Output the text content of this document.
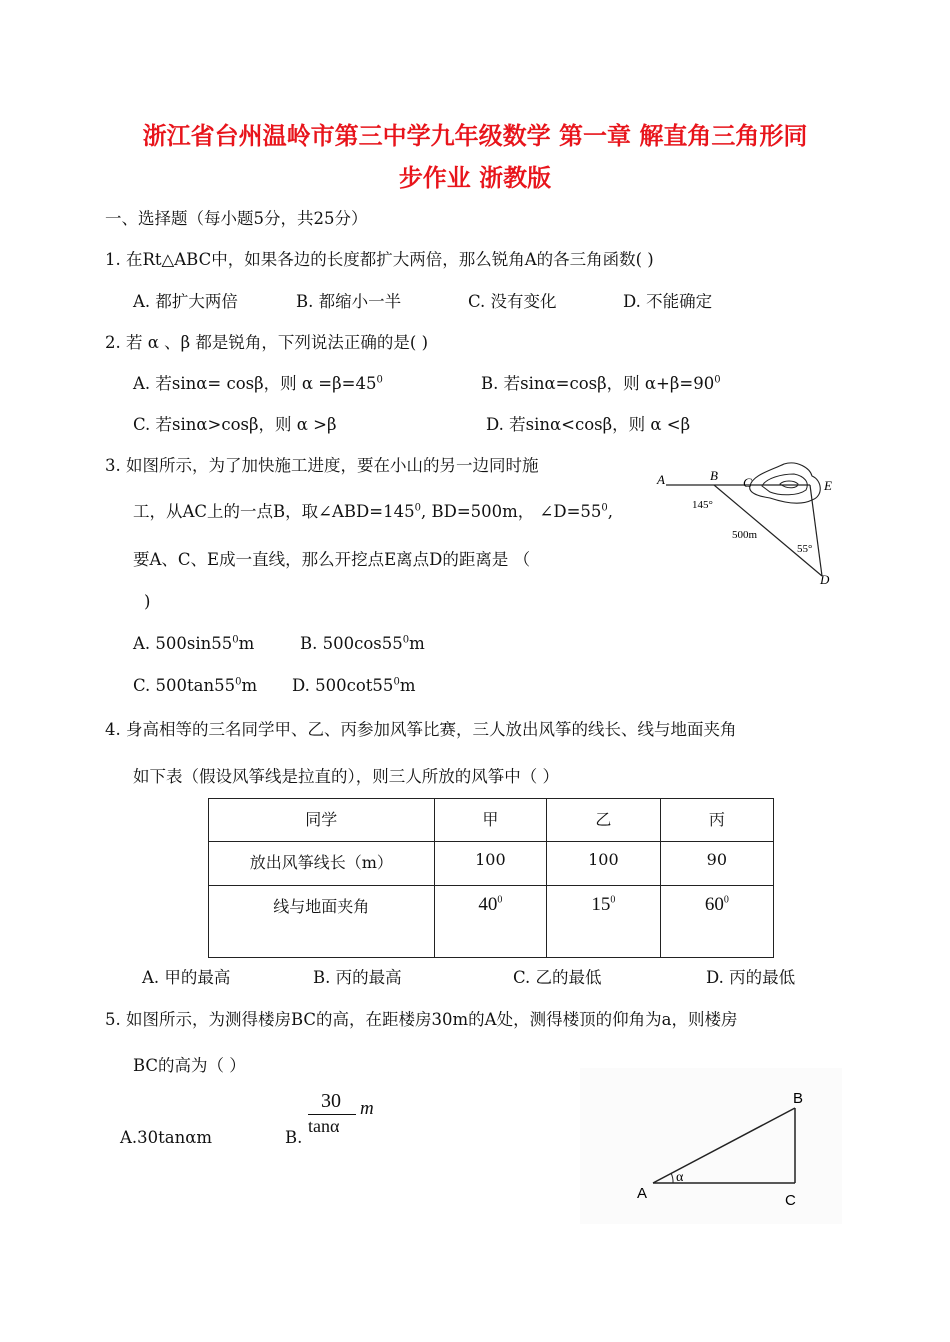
浙江省台州温岭市第三中学九年级数学 第一章 解直角三角形同
步作业 浙教版
一、选择题（每小题5分，共25分）
1. 在Rt△ABC中，如果各边的长度都扩大两倍，那么锐角A的各三角函数( )
A. 都扩大两倍	B. 都缩小一半	C. 没有变化	D. 不能确定
2. 若 α 、β 都是锐角，下列说法正确的是( )
A. 若sinα= cosβ，则 $\alpha =\beta=45^0$	B. 若sinα=cosβ，则 $\alpha+\beta=90^0$
C. 若sinα>cosβ，则 α >β	D. 若sinα<cosβ，则 α <β
3. 如图所示，为了加快施工进度，要在小山的另一边同时施
工，从AC上的一点B，取$\angle ABD=145^0$, BD=500m， $\angle D=55^0$,
要A、C、E成一直线，那么开挖点E离点D的距离是 （
)
A. $500\sin 55^0m$	B. $500\cos 55^0m$
C. $500\tan 55^0m$ D. $500\cot 55^0m$
A	B C	E
D
145°
500m
55°
4. 身高相等的三名同学甲、乙、丙参加风筝比赛，三人放出风筝的线长、线与地面夹角
如下表（假设风筝线是拉直的），则三人所放的风筝中（ ）
同学	甲	乙	丙
放出风筝线长（m）	100	100	90
线与地面夹角	$40^0$	$15^0$	$60^0$
A. 甲的最高	B. 丙的最高	C. 乙的最低	D. 丙的最低
5. 如图所示，为测得楼房BC的高，在距楼房30m的A处，测得楼顶的仰角为a，则楼房
BC的高为（ ）
A.30tanαm	B.
30
tanα
m
A
B
C
α
